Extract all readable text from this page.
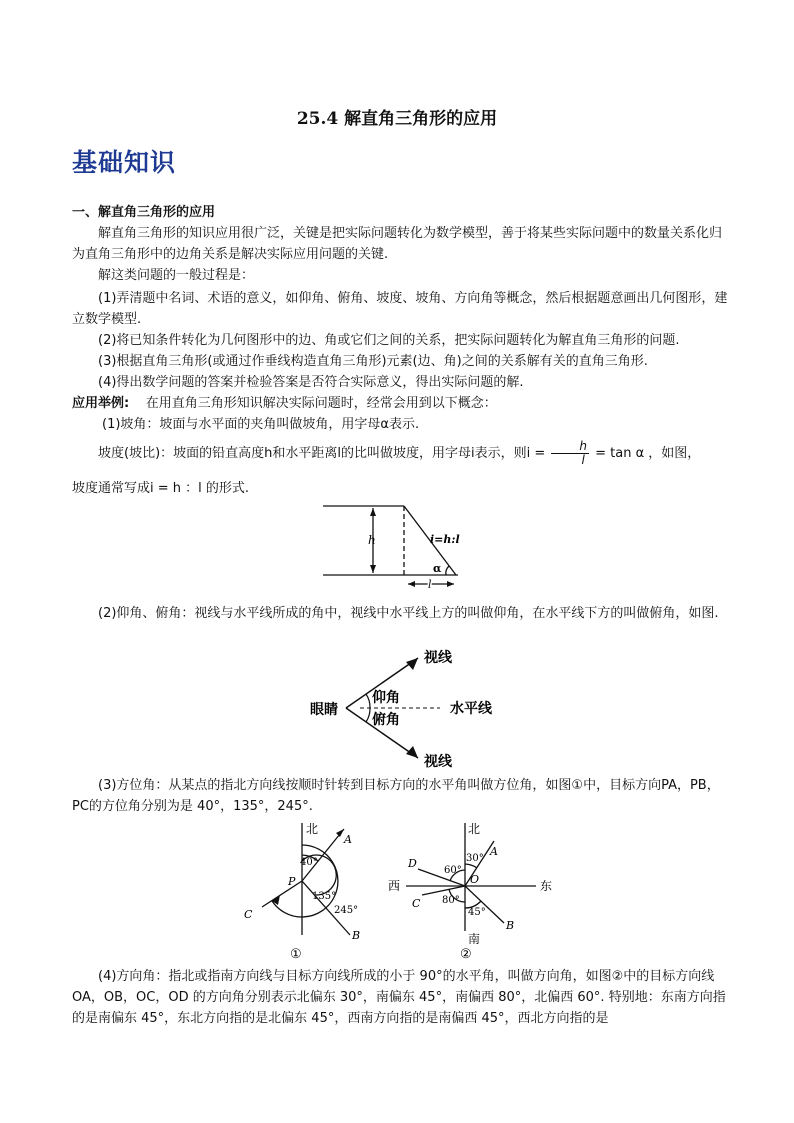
25.4 解直角三角形的应用
基础知识
一、解直角三角形的应用
解直角三角形的知识应用很广泛，关键是把实际问题转化为数学模型，善于将某些实际问题中的数量关系化归为直角三角形中的边角关系是解决实际应用问题的关键.
解这类问题的一般过程是：
(1)弄清题中名词、术语的意义，如仰角、俯角、坡度、坡角、方向角等概念，然后根据题意画出几何图形，建立数学模型.
(2)将已知条件转化为几何图形中的边、角或它们之间的关系，把实际问题转化为解直角三角形的问题.
(3)根据直角三角形(或通过作垂线构造直角三角形)元素(边、角)之间的关系解有关的直角三角形.
(4)得出数学问题的答案并检验答案是否符合实际意义，得出实际问题的解.
应用举例: 在用直角三角形知识解决实际问题时，经常会用到以下概念：
(1)坡角：坡面与水平面的夹角叫做坡角，用字母α表示.
坡度(坡比)：坡面的铅直高度h和水平距离l的比叫做坡度，用字母i表示，则$i = \frac{h}{l} = \tan \alpha$ ，如图，
坡度通常写成i = h ：l 的形式.
h	i=h:l
α
l
(2)仰角、俯角：视线与水平线所成的角中，视线中水平线上方的叫做仰角，在水平线下方的叫做俯角，如图.
视线
视线
眼睛
仰角
俯角
水平线
(3)方位角：从某点的指北方向线按顺时针转到目标方向的水平角叫做方位角，如图①中，目标方向PA，PB，PC的方位角分别为是 40°，135°，245°.
北
A
P
B
C
40°
135°
245°
①
北
南
东
西
A
B
C
D
O
30°
60°
80°
45°
②
(4)方向角：指北或指南方向线与目标方向线所成的小于 90°的水平角，叫做方向角，如图②中的目标方向线OA，OB，OC，OD 的方向角分别表示北偏东 30°，南偏东 45°，南偏西 80°，北偏西 60°. 特别地：东南方向指的是南偏东 45°，东北方向指的是北偏东 45°，西南方向指的是南偏西 45°，西北方向指的是
